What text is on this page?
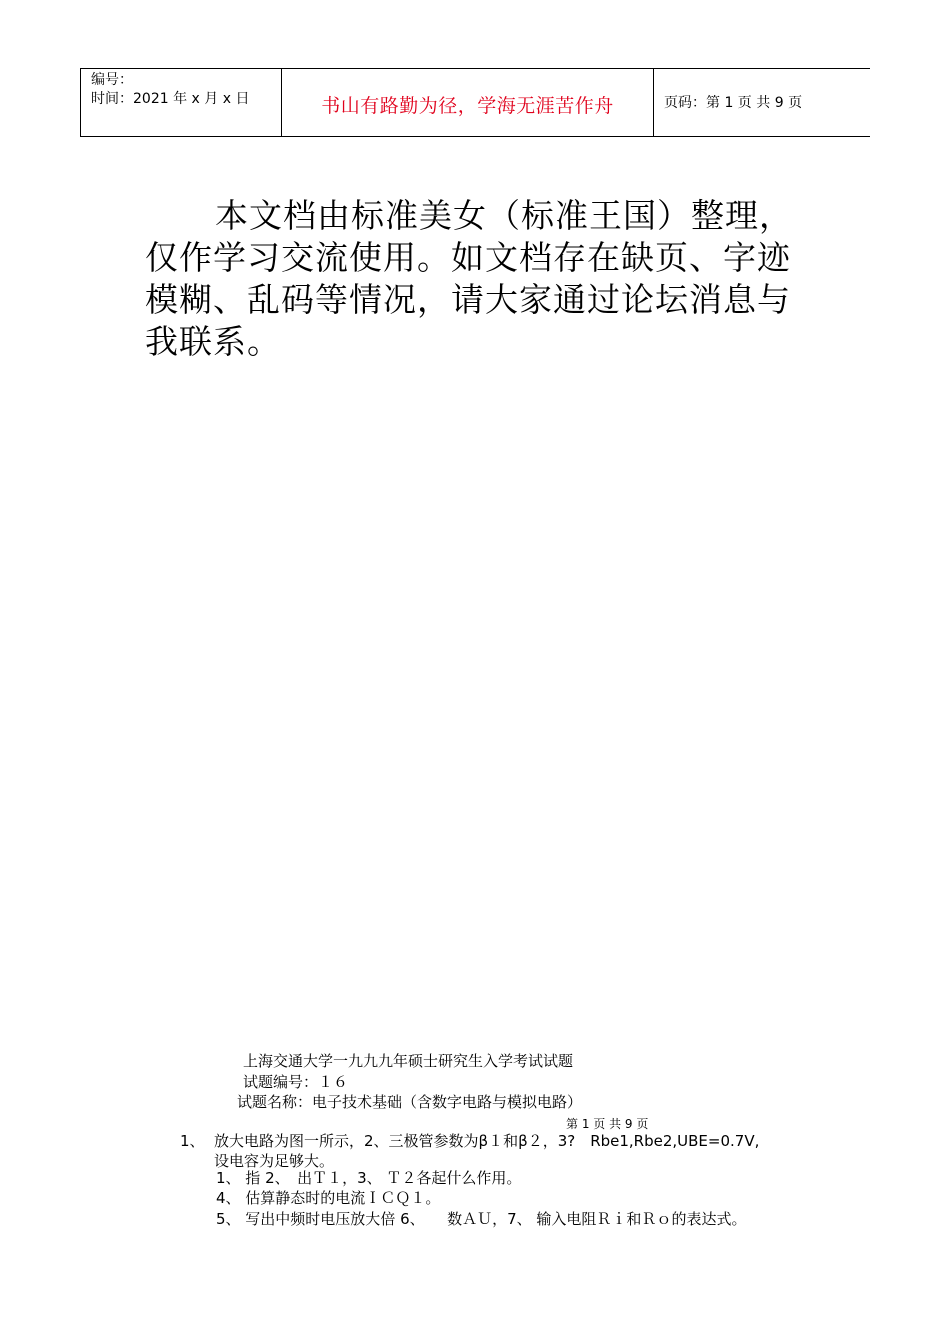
编号：
时间：2021 年 x 月 x 日	书山有路勤为径，学海无涯苦作舟	页码：第 1 页 共 9 页
本文档由标准美女（标准王国）整理，仅作学习交流使用。如文档存在缺页、字迹模糊、乱码等情况，请大家通过论坛消息与我联系。
上海交通大学一九九九年硕士研究生入学考试试题
试题编号：１６
试题名称：电子技术基础（含数字电路与模拟电路）
第 1 页 共 9 页
1、 放大电路为图一所示，2、三极管参数为β１和β２，3?　Rbe1,Rbe2,UBE=0.7V,
设电容为足够大。
1、 指 2、　出Ｔ１，3、 Ｔ２各起什么作用。
4、 估算静态时的电流ＩＣＱ１。
5、 写出中频时电压放大倍 6、　　数ＡＵ，7、 输入电阻Ｒｉ和Ｒｏ的表达式。
